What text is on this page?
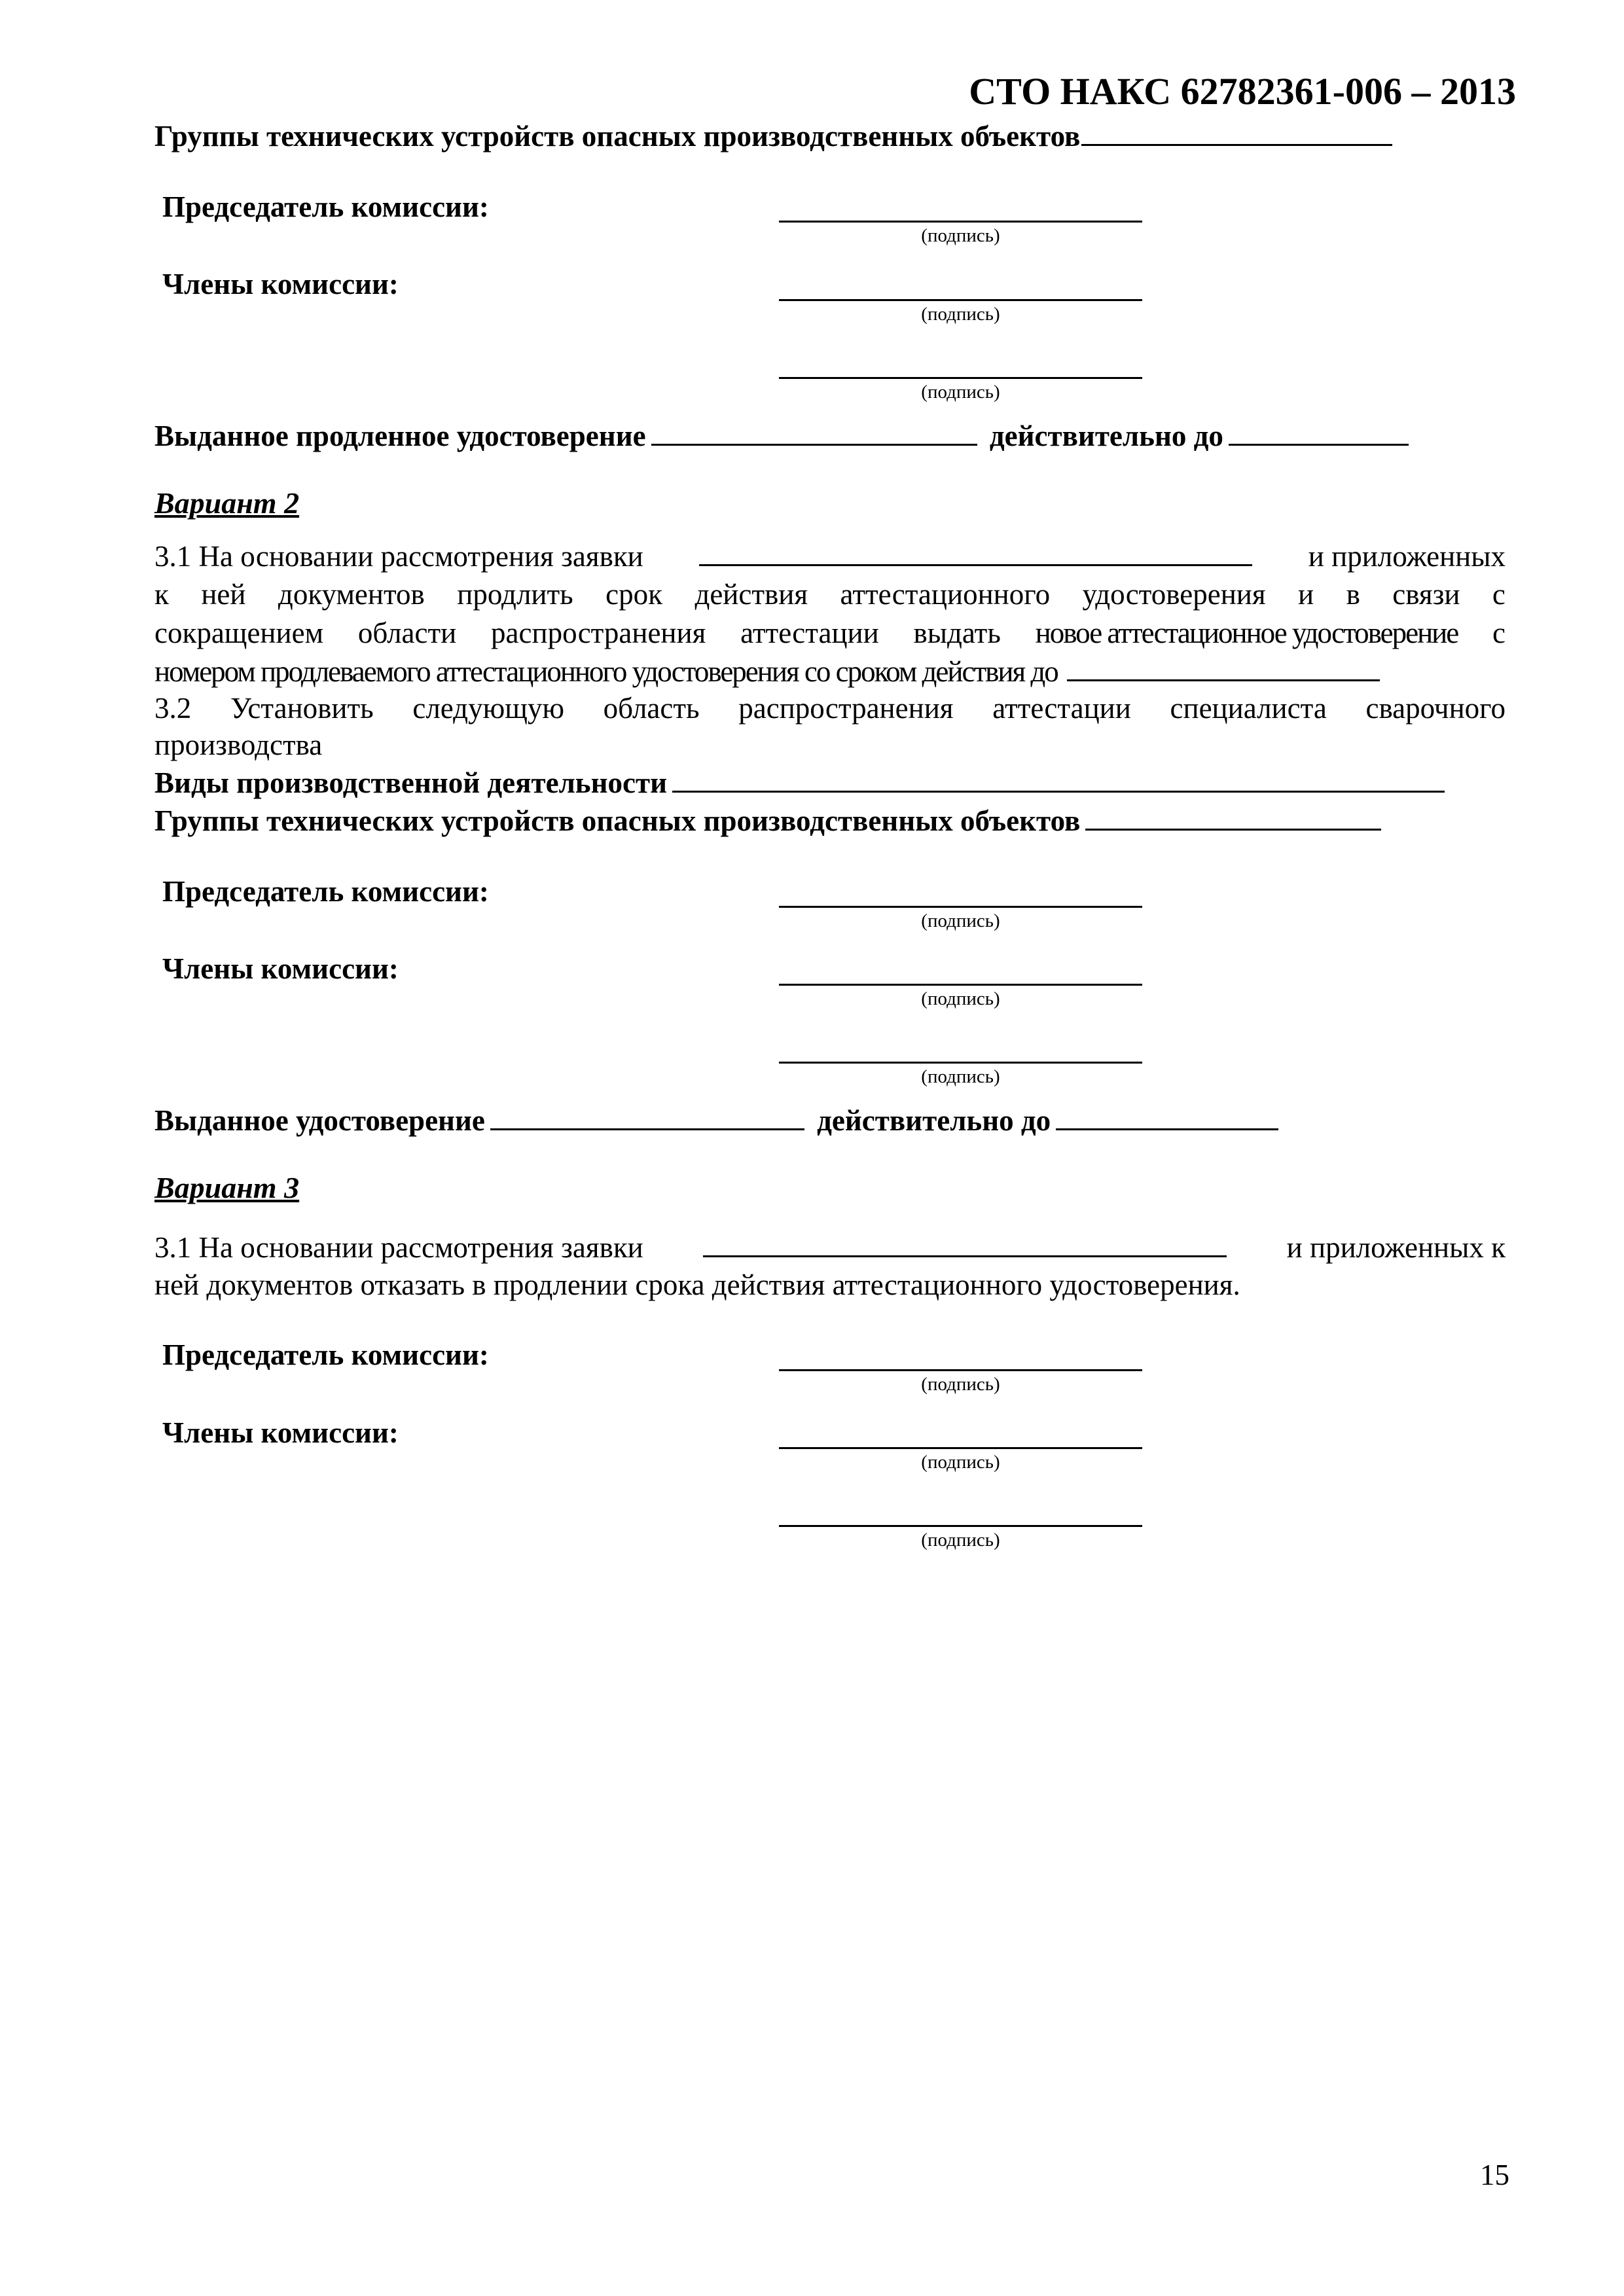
СТО НАКС 62782361-006 – 2013
Группы технических устройств опасных производственных объектов
Председатель комиссии:
(подпись)
Члены комиссии:
(подпись)
(подпись)
Выданное продленное удостоверение	действительно до
Вариант 2
3.1 На основании рассмотрения заявки	и приложенных
к ней документов продлить срок действия аттестационного удостоверения и в связи с
сокращением области распространения аттестации выдать новое аттестационное удостоверение с
номером продлеваемого аттестационного удостоверения со сроком действия до
3.2 Установить следующую область распространения аттестации специалиста сварочного
производства
Виды производственной деятельности
Группы технических устройств опасных производственных объектов
Председатель комиссии:
(подпись)
Члены комиссии:
(подпись)
(подпись)
Выданное удостоверение	действительно до
Вариант 3
3.1 На основании рассмотрения заявки	и приложенных к
ней документов отказать в продлении срока действия аттестационного удостоверения.
Председатель комиссии:
(подпись)
Члены комиссии:
(подпись)
(подпись)
15
